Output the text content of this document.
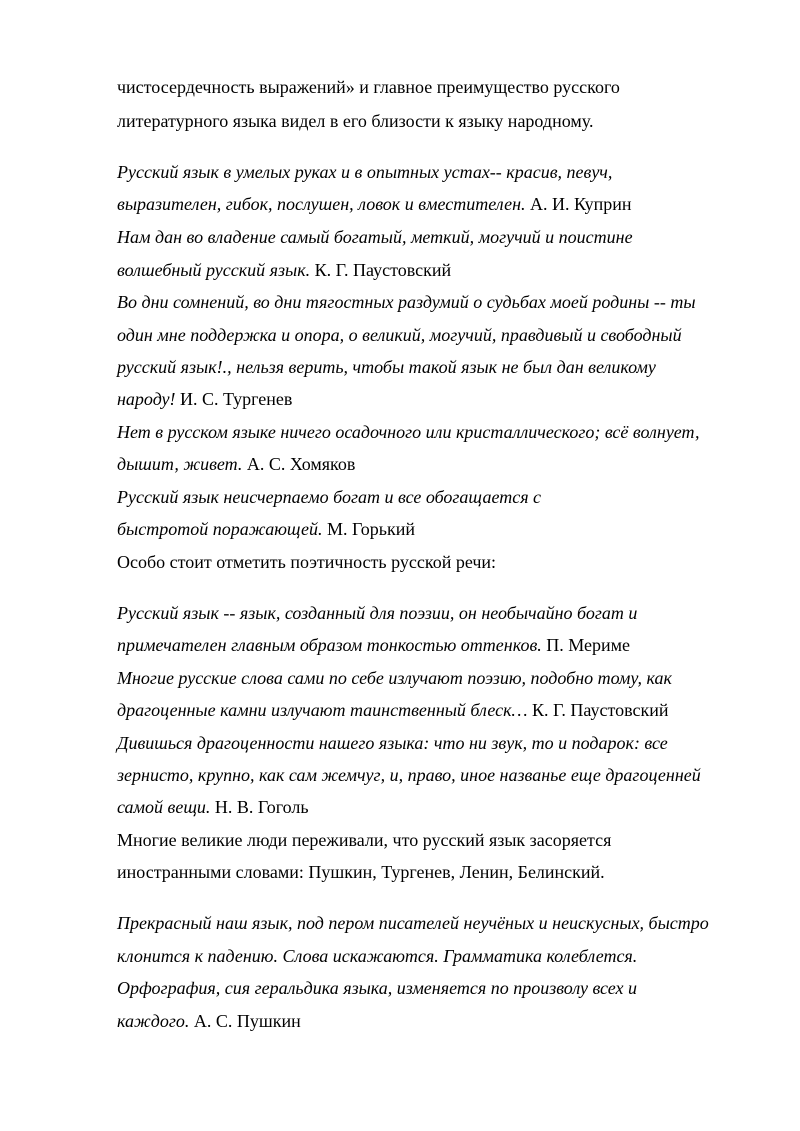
чистосердечность выражений» и главное преимущество русского
литературного языка видел в его близости к языку народному.
Русский язык в умелых руках и в опытных устах-- красив, певуч,
выразителен, гибок, послушен, ловок и вместителен. А. И. Куприн
Нам дан во владение самый богатый, меткий, могучий и поистине
волшебный русский язык. К. Г. Паустовский
Во дни сомнений, во дни тягостных раздумий о судьбах моей родины -- ты
один мне поддержка и опора, о великий, могучий, правдивый и свободный
русский язык!., нельзя верить, чтобы такой язык не был дан великому
народу! И. С. Тургенев
Нет в русском языке ничего осадочного или кристаллического; всё волнует,
дышит, живет. А. С. Хомяков
Русский язык неисчерпаемо богат и все обогащается с
быстротой поражающей. М. Горький
Особо стоит отметить поэтичность русской речи:
Русский язык -- язык, созданный для поэзии, он необычайно богат и
примечателен главным образом тонкостью оттенков. П. Мериме
Многие русские слова сами по себе излучают поэзию, подобно тому, как
драгоценные камни излучают таинственный блеск… К. Г. Паустовский
Дивишься драгоценности нашего языка: что ни звук, то и подарок: все
зернисто, крупно, как сам жемчуг, и, право, иное названье еще драгоценней
самой вещи. Н. В. Гоголь
Многие великие люди переживали, что русский язык засоряется
иностранными словами: Пушкин, Тургенев, Ленин, Белинский.
Прекрасный наш язык, под пером писателей неучёных и неискусных, быстро
клонится к падению. Слова искажаются. Грамматика колеблется.
Орфография, сия геральдика языка, изменяется по произволу всех и
каждого. А. С. Пушкин
